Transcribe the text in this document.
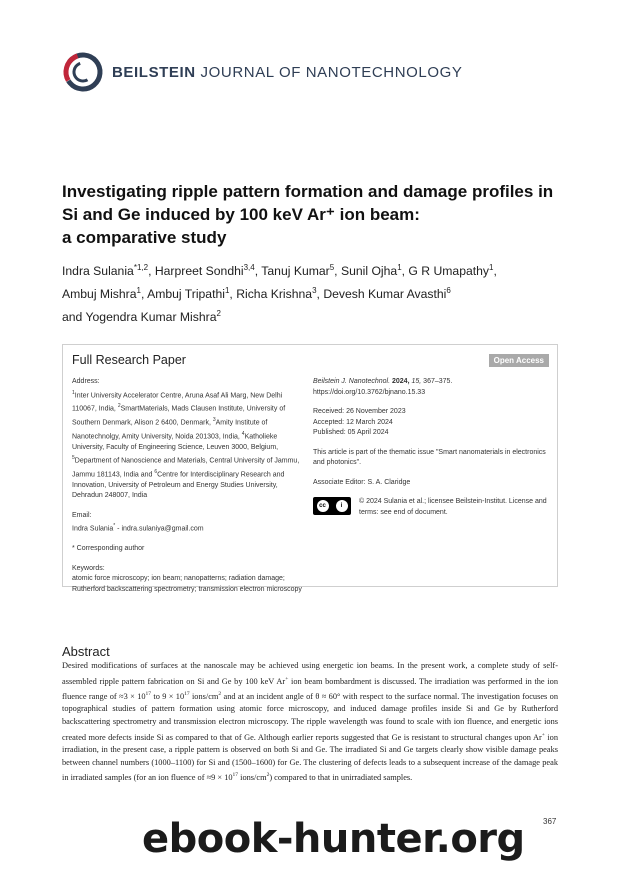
BEILSTEIN JOURNAL OF NANOTECHNOLOGY
Investigating ripple pattern formation and damage profiles in
Si and Ge induced by 100 keV Ar⁺ ion beam:
a comparative study
Indra Sulania$^{*1,2}$, Harpreet Sondhi$^{3,4}$, Tanuj Kumar$^5$, Sunil Ojha$^1$, G R Umapathy$^1$,
Ambuj Mishra$^1$, Ambuj Tripathi$^1$, Richa Krishna$^3$, Devesh Kumar Avasthi$^6$
and Yogendra Kumar Mishra$^2$
Full Research Paper	Open Access
Address:
$^1$Inter University Accelerator Centre, Aruna Asaf Ali Marg, New Delhi 110067, India, $^2$SmartMaterials, Mads Clausen Institute, University of Southern Denmark, Alison 2 6400, Denmark, $^3$Amity Institute of Nanotechnolgy, Amity University, Noida 201303, India, $^4$Katholieke University, Faculty of Engineering Science, Leuven 3000, Belgium, $^5$Department of Nanoscience and Materials, Central University of Jammu, Jammu 181143, India and $^6$Centre for Interdisciplinary Research and Innovation, University of Petroleum and Energy Studies University, Dehradun 248007, India
Email:
Indra Sulania* - indra.sulaniya@gmail.com
* Corresponding author
Keywords:
atomic force microscopy; ion beam; nanopatterns; radiation damage; Rutherford backscattering spectrometry; transmission electron microscopy
Beilstein J. Nanotechnol. 2024, 15, 367–375.
https://doi.org/10.3762/bjnano.15.33
Received: 26 November 2023
Accepted: 12 March 2024
Published: 05 April 2024
This article is part of the thematic issue "Smart nanomaterials in electronics and photonics".
Associate Editor: S. A. Claridge
cc	i
© 2024 Sulania et al.; licensee Beilstein-Institut. License and terms: see end of document.
Abstract
Desired modifications of surfaces at the nanoscale may be achieved using energetic ion beams. In the present work, a complete study of self-assembled ripple pattern fabrication on Si and Ge by 100 keV Ar+ ion beam bombardment is discussed. The irradiation was performed in the ion fluence range of $\approx 3 \times 10^{17}$ to $9 \times 10^{17}$ ions/$cm^2$ and at an incident angle of θ ≈ 60° with respect to the surface normal. The investigation focuses on topographical studies of pattern formation using atomic force microscopy, and induced damage profiles inside Si and Ge by Rutherford backscattering spectrometry and transmission electron microscopy. The ripple wavelength was found to scale with ion fluence, and energetic ions created more defects inside Si as compared to that of Ge. Although earlier reports suggested that Ge is resistant to structural changes upon Ar+ ion irradiation, in the present case, a ripple pattern is observed on both Si and Ge. The irradiated Si and Ge targets clearly show visible damage peaks between channel numbers (1000–1100) for Si and (1500–1600) for Ge. The clustering of defects leads to a subsequent increase of the damage peak in irradiated samples (for an ion fluence of $\approx 9 \times 10^{17}$ ions/$cm^2$) compared to that in unirradiated samples.
367
ebook-hunter.org
